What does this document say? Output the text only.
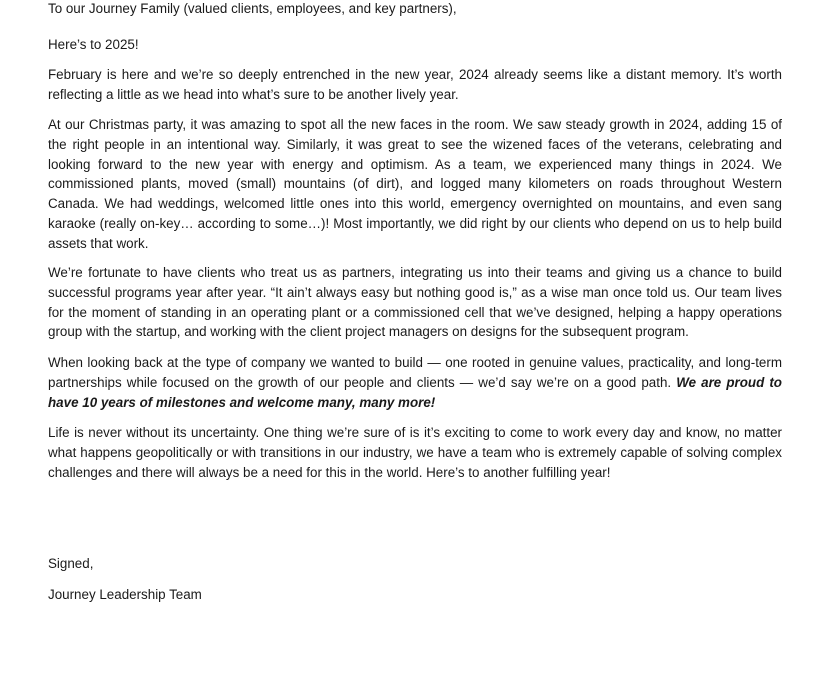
To our Journey Family (valued clients, employees, and key partners),

Here’s to 2025!

February is here and we’re so deeply entrenched in the new year, 2024 already seems like a distant memory. It’s worth reflecting a little as we head into what’s sure to be another lively year.

At our Christmas party, it was amazing to spot all the new faces in the room. We saw steady growth in 2024, adding 15 of the right people in an intentional way. Similarly, it was great to see the wizened faces of the veterans, celebrating and looking forward to the new year with energy and optimism. As a team, we experienced many things in 2024. We commissioned plants, moved (small) mountains (of dirt), and logged many kilometers on roads throughout Western Canada. We had weddings, welcomed little ones into this world, emergency overnighted on mountains, and even sang karaoke (really on-key… according to some…)! Most importantly, we did right by our clients who depend on us to help build assets that work.

We’re fortunate to have clients who treat us as partners, integrating us into their teams and giving us a chance to build successful programs year after year. “It ain’t always easy but nothing good is,” as a wise man once told us. Our team lives for the moment of standing in an operating plant or a commissioned cell that we’ve designed, helping a happy operations group with the startup, and working with the client project managers on designs for the subsequent program.

When looking back at the type of company we wanted to build — one rooted in genuine values, practicality, and long-term partnerships while focused on the growth of our people and clients — we’d say we’re on a good path. We are proud to have 10 years of milestones and welcome many, many more!

Life is never without its uncertainty. One thing we’re sure of is it’s exciting to come to work every day and know, no matter what happens geopolitically or with transitions in our industry, we have a team who is extremely capable of solving complex challenges and there will always be a need for this in the world. Here’s to another fulfilling year!

Signed,

Journey Leadership Team
